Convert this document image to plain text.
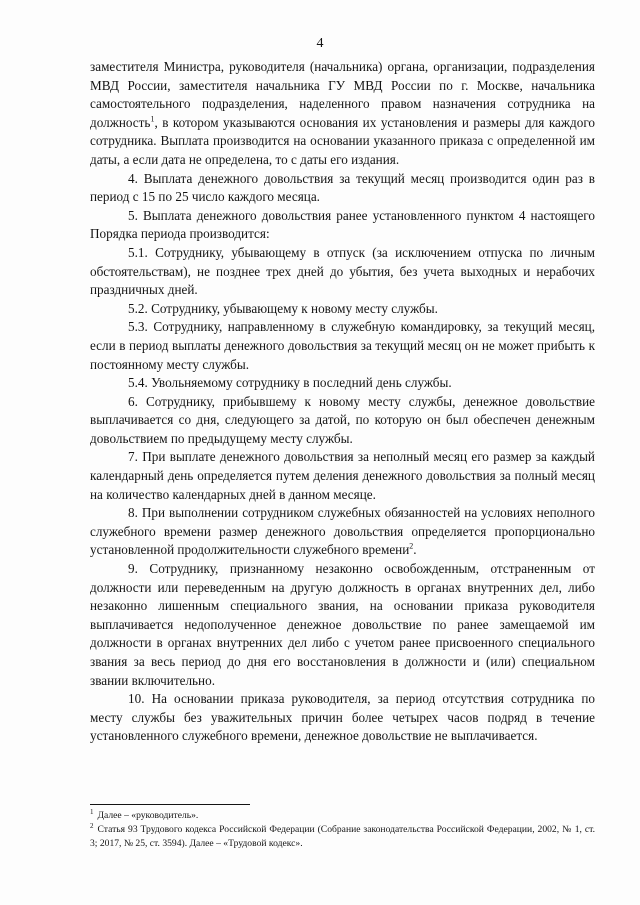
4

заместителя Министра, руководителя (начальника) органа, организации, подразделения МВД России, заместителя начальника ГУ МВД России по г. Москве, начальника самостоятельного подразделения, наделенного правом назначения сотрудника на должность$^1$, в котором указываются основания их установления и размеры для каждого сотрудника. Выплата производится на основании указанного приказа с определенной им даты, а если дата не определена, то с даты его издания.

4. Выплата денежного довольствия за текущий месяц производится один раз в период с 15 по 25 число каждого месяца.

5. Выплата денежного довольствия ранее установленного пунктом 4 настоящего Порядка периода производится:

5.1. Сотруднику, убывающему в отпуск (за исключением отпуска по личным обстоятельствам), не позднее трех дней до убытия, без учета выходных и нерабочих праздничных дней.

5.2. Сотруднику, убывающему к новому месту службы.

5.3. Сотруднику, направленному в служебную командировку, за текущий месяц, если в период выплаты денежного довольствия за текущий месяц он не может прибыть к постоянному месту службы.

5.4. Увольняемому сотруднику в последний день службы.

6. Сотруднику, прибывшему к новому месту службы, денежное довольствие выплачивается со дня, следующего за датой, по которую он был обеспечен денежным довольствием по предыдущему месту службы.

7. При выплате денежного довольствия за неполный месяц его размер за каждый календарный день определяется путем деления денежного довольствия за полный месяц на количество календарных дней в данном месяце.

8. При выполнении сотрудником служебных обязанностей на условиях неполного служебного времени размер денежного довольствия определяется пропорционально установленной продолжительности служебного времени$^2$.

9. Сотруднику, признанному незаконно освобожденным, отстраненным от должности или переведенным на другую должность в органах внутренних дел, либо незаконно лишенным специального звания, на основании приказа руководителя выплачивается недополученное денежное довольствие по ранее замещаемой им должности в органах внутренних дел либо с учетом ранее присвоенного специального звания за весь период до дня его восстановления в должности и (или) специальном звании включительно.

10. На основании приказа руководителя, за период отсутствия сотрудника по месту службы без уважительных причин более четырех часов подряд в течение установленного служебного времени, денежное довольствие не выплачивается.

$^1$ Далее – «руководитель».

$^2$ Статья 93 Трудового кодекса Российской Федерации (Собрание законодательства Российской Федерации, 2002, № 1, ст. 3; 2017, № 25, ст. 3594). Далее – «Трудовой кодекс».
